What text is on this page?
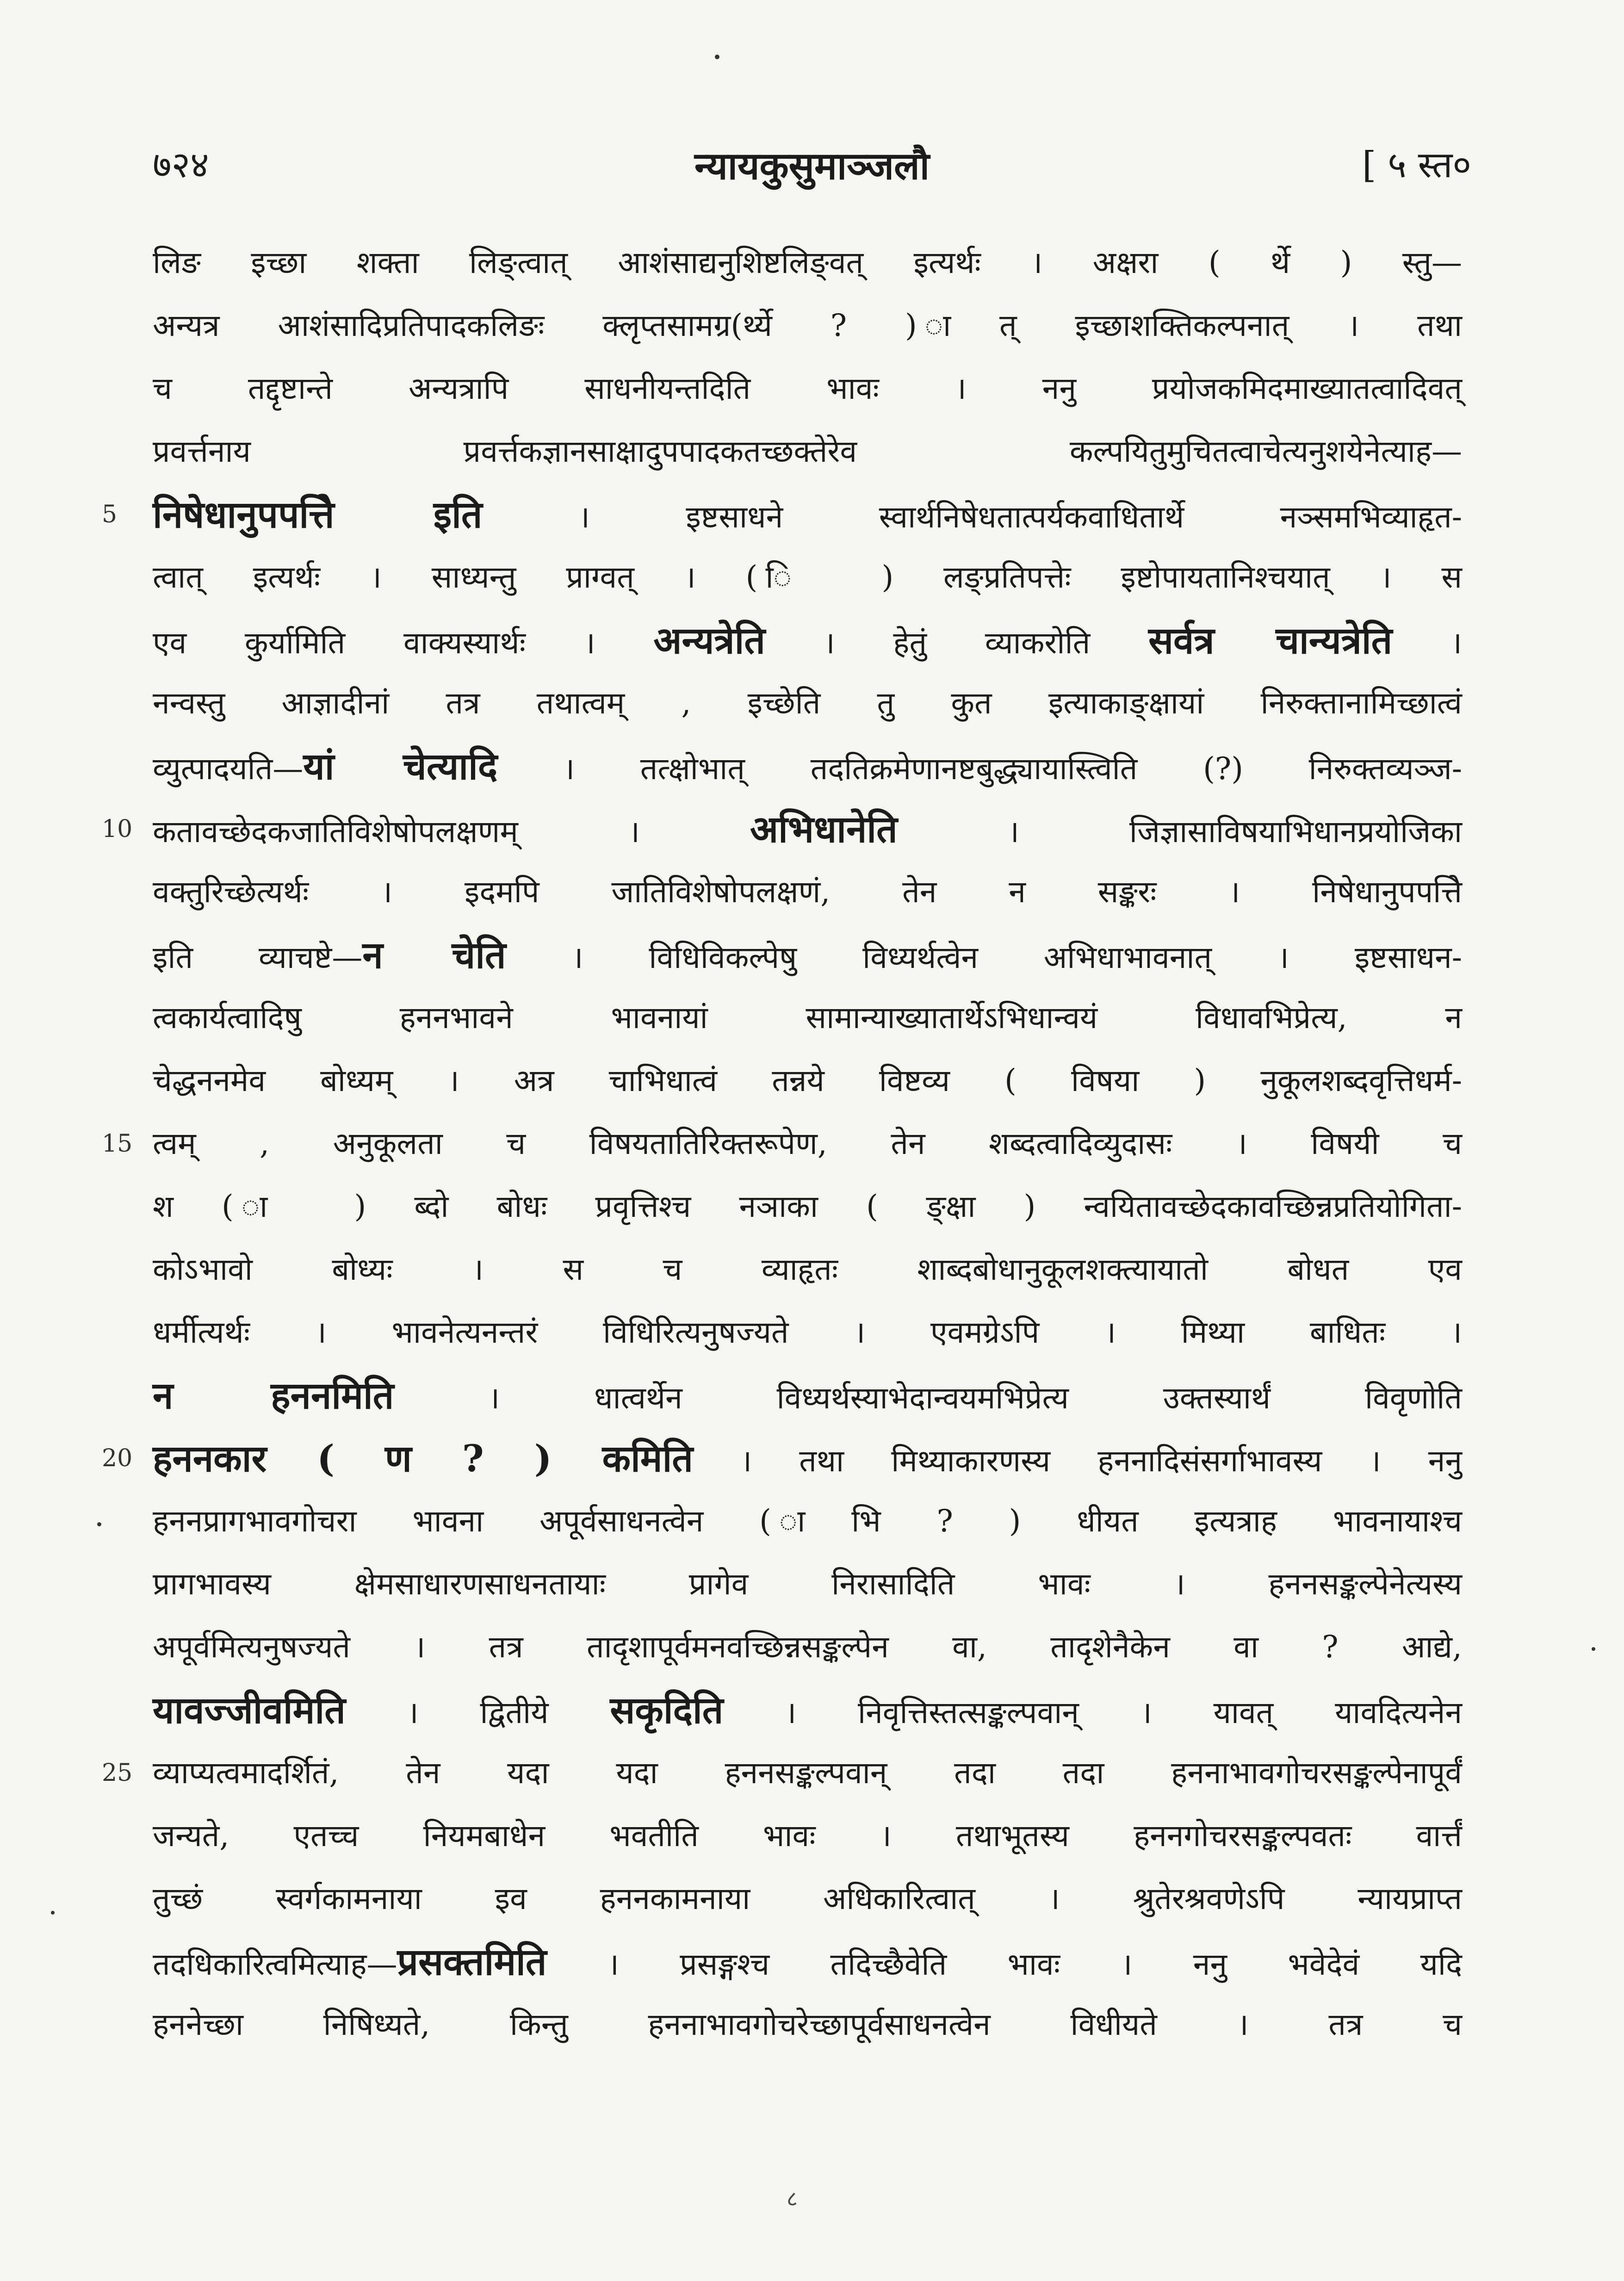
७२४	न्यायकुसुमाञ्जलौ	[ ५ स्त०
लिङ इच्छा शक्ता लिङ्त्वात् आशंसाद्यनुशिष्टलिङ्वत् इत्यर्थः । अक्षरा ( र्थे ) स्तु—
अन्यत्र आशंसादिप्रतिपादकलिङः क्लृप्तसामग्र(र्थ्ये ? ) ात् इच्छाशक्तिकल्पनात् । तथा
च तद्दृष्टान्ते अन्यत्रापि साधनीयन्तदिति भावः । ननु प्रयोजकमिदमाख्यातत्वादिवत्
प्रवर्त्तनाय प्रवर्त्तकज्ञानसाक्षादुपपादकतच्छक्तेरेव कल्पयितुमुचितत्वाचेत्यनुशयेनेत्याह—
5 निषेधानुपपत्तेि इति । इष्टसाधने स्वार्थनिषेधतात्पर्यकवाधितार्थे नञ्समभिव्याहृत-
त्वात् इत्यर्थः । साध्यन्तु प्राग्वत् । ( ि ) लङ्प्रतिपत्तेः इष्टोपायतानिश्चयात् । स
एव कुर्यामिति वाक्यस्यार्थः । अन्यत्रेति । हेतुं व्याकरोति सर्वत्र चान्यत्रेति ।
नन्वस्तु आज्ञादीनां तत्र तथात्वम् , इच्छेति तु कुत इत्याकाङ्क्षायां निरुक्तानामिच्छात्वं
व्युत्पादयति—यां चेत्यादि । तत्क्षोभात् तदतिक्रमेणानष्टबुद्ध्यायास्त्विति (?) निरुक्तव्यञ्ज-
10 कतावच्छेदकजातिविशेषोपलक्षणम् । अभिधानेति । जिज्ञासाविषयाभिधानप्रयोजिका
वक्तुरिच्छेत्यर्थः । इदमपि जातिविशेषोपलक्षणं, तेन न सङ्करः । निषेधानुपपत्तेि
इति व्याचष्टे—न चेति । विधिविकल्पेषु विध्यर्थत्वेन अभिधाभावनात् । इष्टसाधन-
त्वकार्यत्वादिषु हननभावने भावनायां सामान्याख्यातार्थेऽभिधान्वयं विधावभिप्रेत्य, न
चेद्धननमेव बोध्यम् । अत्र चाभिधात्वं तन्नये विष्टव्य ( विषया ) नुकूलशब्दवृत्तिधर्म-
15 त्वम् , अनुकूलता च विषयतातिरिक्तरूपेण, तेन शब्दत्वादिव्युदासः । विषयी च
श ( ा ) ब्दो बोधः प्रवृत्तिश्च नञाका ( ङ्क्षा ) न्वयितावच्छेदकावच्छिन्नप्रतियोगिता-
कोऽभावो बोध्यः । स च व्याहृतः शाब्दबोधानुकूलशक्त्यायातो बोधत एव
धर्मीत्यर्थः । भावनेत्यनन्तरं विधिरित्यनुषज्यते । एवमग्रेऽपि । मिथ्या बाधितः ।
न हननमिति । धात्वर्थेन विध्यर्थस्याभेदान्वयमभिप्रेत्य उक्तस्यार्थं विवृणोति
20 हननकार ( ण ? ) कमिति । तथा मिथ्याकारणस्य हननादिसंसर्गाभावस्य । ननु
हननप्रागभावगोचरा भावना अपूर्वसाधनत्वेन ( ाभि ? ) धीयत इत्यत्राह भावनायाश्च
प्रागभावस्य क्षेमसाधारणसाधनतायाः प्रागेव निरासादिति भावः । हननसङ्कल्पेनेत्यस्य
अपूर्वमित्यनुषज्यते । तत्र तादृशापूर्वमनवच्छिन्नसङ्कल्पेन वा, तादृशेनैकेन वा ? आद्ये,
यावज्जीवमिति । द्वितीये सकृदिति । निवृत्तिस्तत्सङ्कल्पवान् । यावत् यावदित्यनेन
25 व्याप्यत्वमादर्शितं, तेन यदा यदा हननसङ्कल्पवान् तदा तदा हननाभावगोचरसङ्कल्पेनापूर्वं
जन्यते, एतच्च नियमबाधेन भवतीति भावः । तथाभूतस्य हननगोचरसङ्कल्पवतः वार्त्तं
तुच्छं स्वर्गकामनाया इव हननकामनाया अधिकारित्वात् । श्रुतेरश्रवणेऽपि न्यायप्राप्त
तदधिकारित्वमित्याह—प्रसक्तमिति । प्रसङ्गश्च तदिच्छैवेति भावः । ननु भवेदेवं यदि
हननेच्छा निषिध्यते, किन्तु हननाभावगोचरेच्छापूर्वसाधनत्वेन विधीयते । तत्र च
८
